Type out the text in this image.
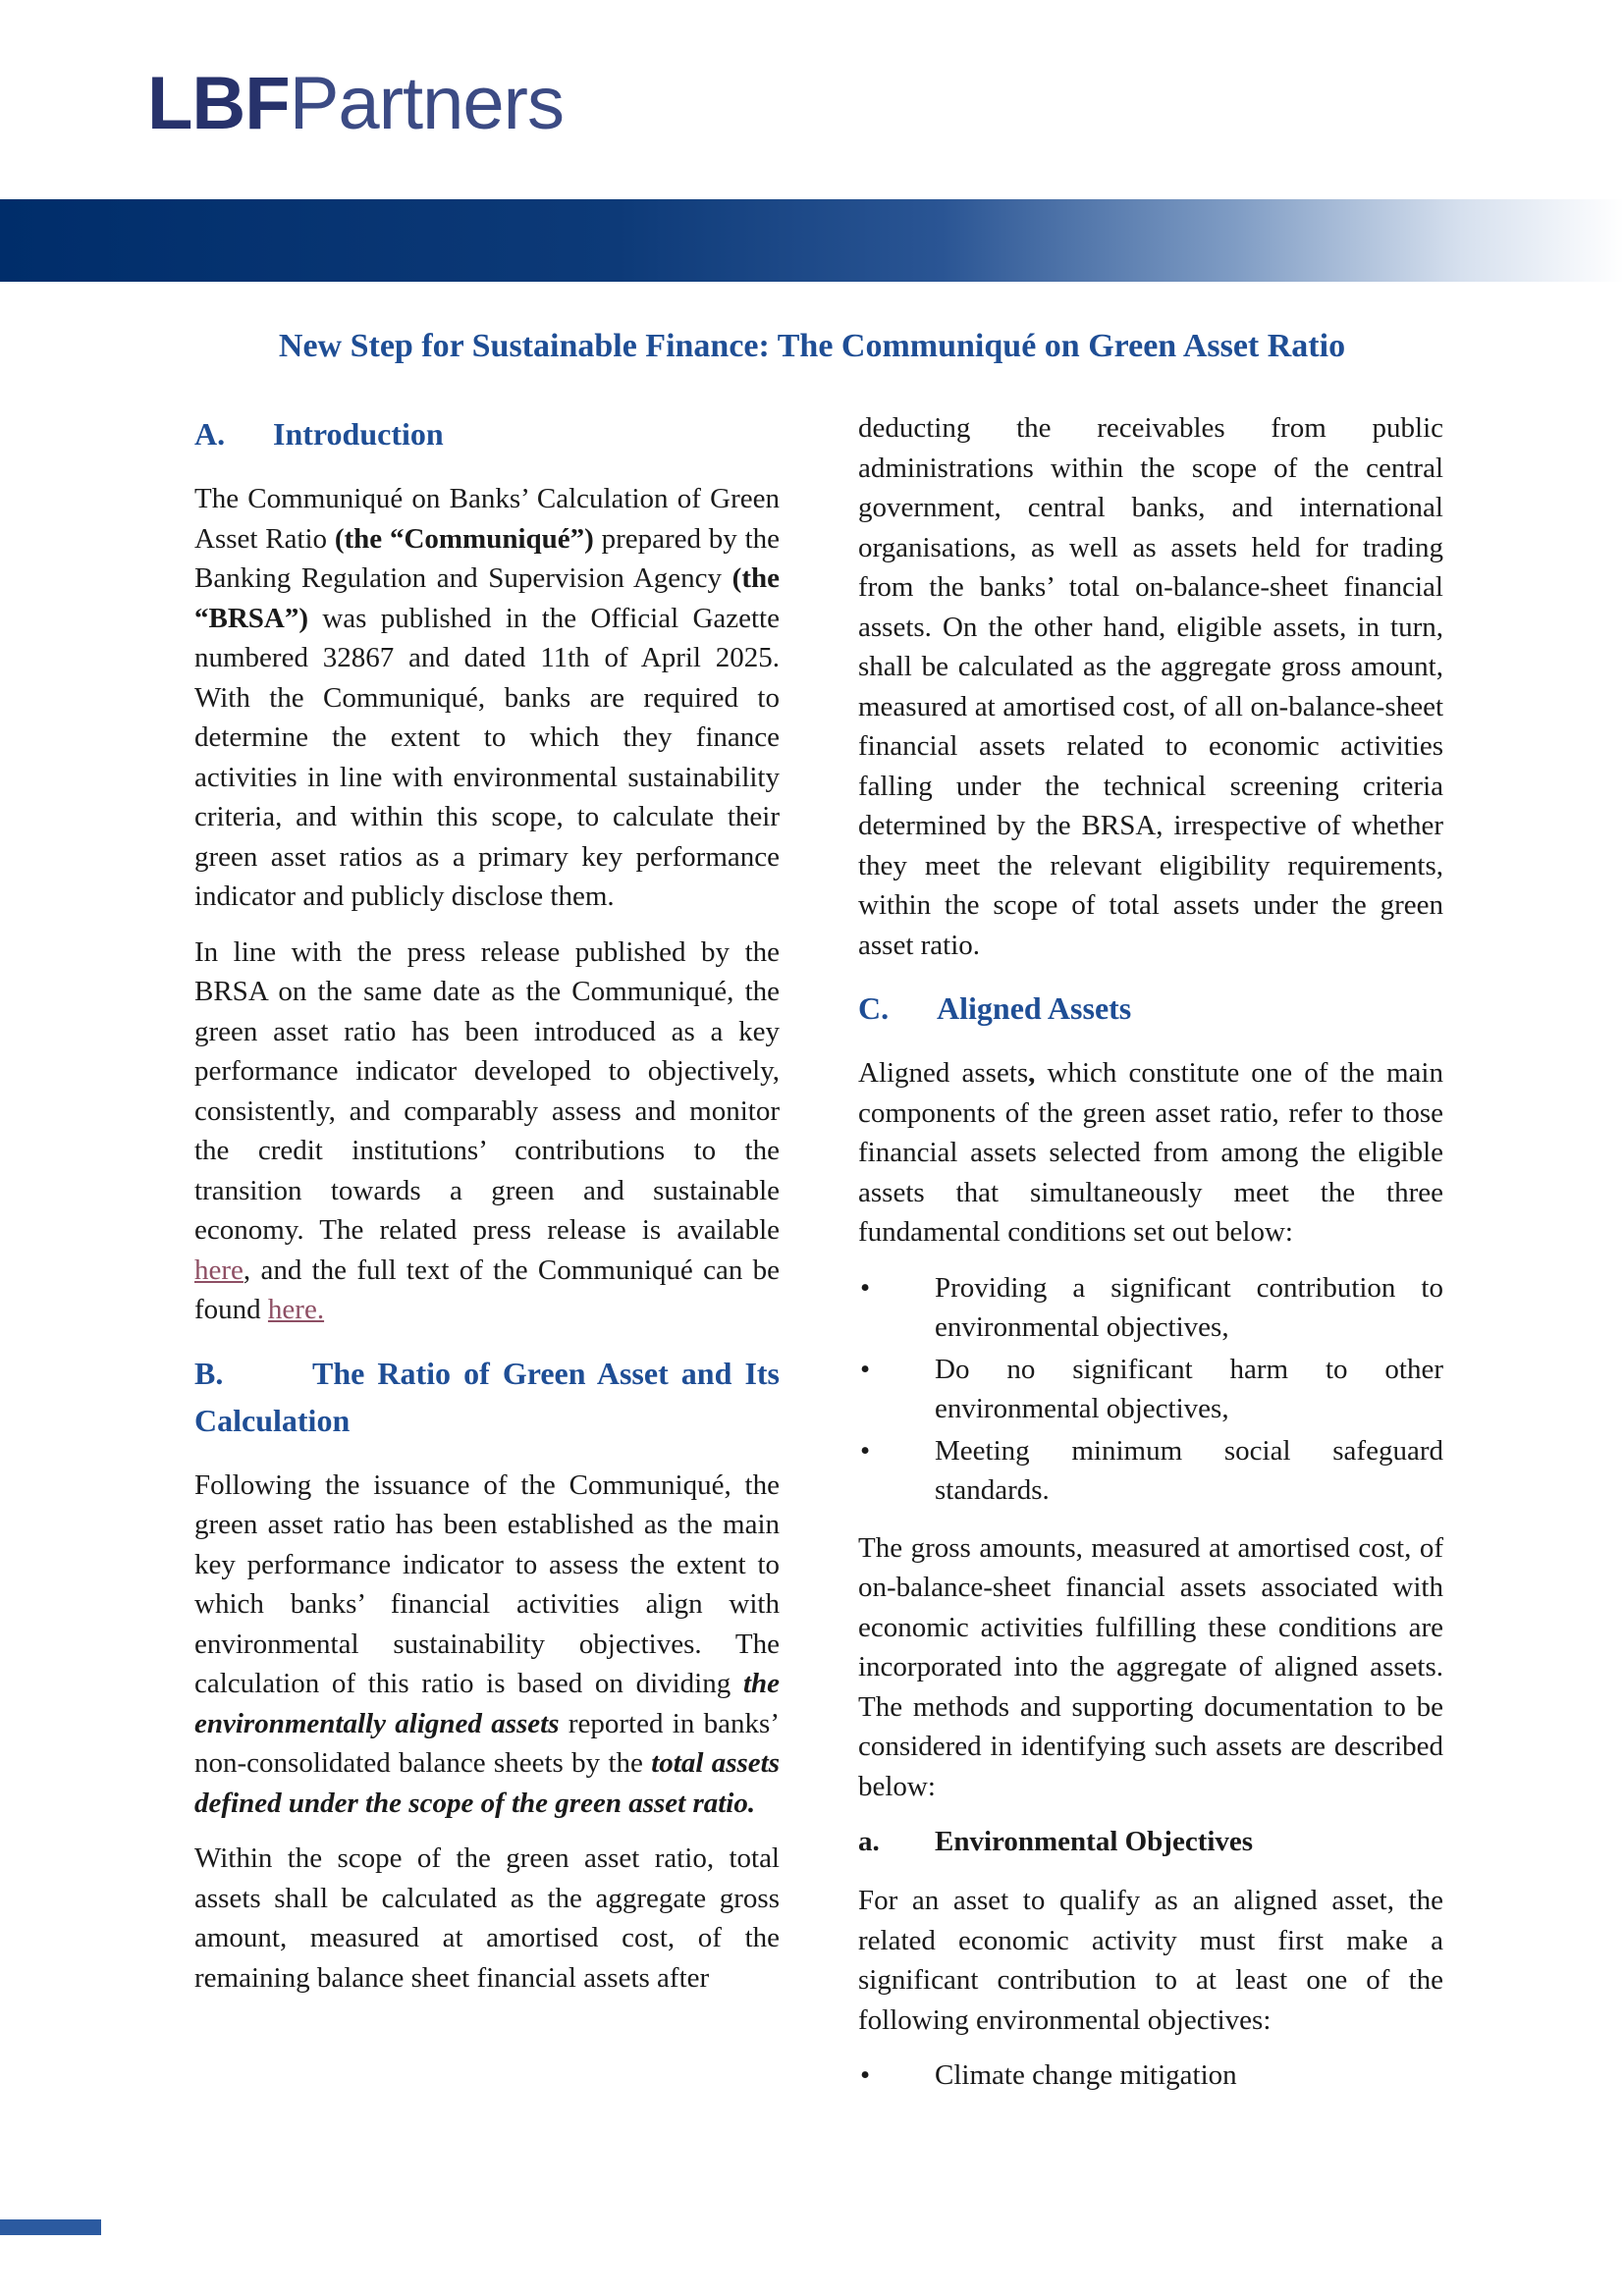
LBFPartners
New Step for Sustainable Finance: The Communiqué on Green Asset Ratio
A. Introduction

The Communiqué on Banks’ Calculation of Green Asset Ratio (the “Communiqué”) prepared by the Banking Regulation and Supervision Agency (the “BRSA”) was published in the Official Gazette numbered 32867 and dated 11th of April 2025. With the Communiqué, banks are required to determine the extent to which they finance activities in line with environmental sustainability criteria, and within this scope, to calculate their green asset ratios as a primary key performance indicator and publicly disclose them.

In line with the press release published by the BRSA on the same date as the Communiqué, the green asset ratio has been introduced as a key performance indicator developed to objectively, consistently, and comparably assess and monitor the credit institutions’ contributions to the transition towards a green and sustainable economy. The related press release is available here, and the full text of the Communiqué can be found here.

B.	The Ratio of Green Asset and Its Calculation

Following the issuance of the Communiqué, the green asset ratio has been established as the main key performance indicator to assess the extent to which banks’ financial activities align with environmental sustainability objectives. The calculation of this ratio is based on dividing the environmentally aligned assets reported in banks’ non-consolidated balance sheets by the total assets defined under the scope of the green asset ratio.

Within the scope of the green asset ratio, total assets shall be calculated as the aggregate gross amount, measured at amortised cost, of the remaining balance sheet financial assets after

deducting the receivables from public administrations within the scope of the central government, central banks, and international organisations, as well as assets held for trading from the banks’ total on-balance-sheet financial assets. On the other hand, eligible assets, in turn, shall be calculated as the aggregate gross amount, measured at amortised cost, of all on-balance-sheet financial assets related to economic activities falling under the technical screening criteria determined by the BRSA, irrespective of whether they meet the relevant eligibility requirements, within the scope of total assets under the green asset ratio.

C. Aligned Assets

Aligned assets, which constitute one of the main components of the green asset ratio, refer to those financial assets selected from among the eligible assets that simultaneously meet the three fundamental conditions set out below:

• Providing a significant contribution to environmental objectives,
• Do no significant harm to other environmental objectives,
• Meeting minimum social safeguard standards.

The gross amounts, measured at amortised cost, of on-balance-sheet financial assets associated with economic activities fulfilling these conditions are incorporated into the aggregate of aligned assets. The methods and supporting documentation to be considered in identifying such assets are described below:

a. Environmental Objectives

For an asset to qualify as an aligned asset, the related economic activity must first make a significant contribution to at least one of the following environmental objectives:

• Climate change mitigation
